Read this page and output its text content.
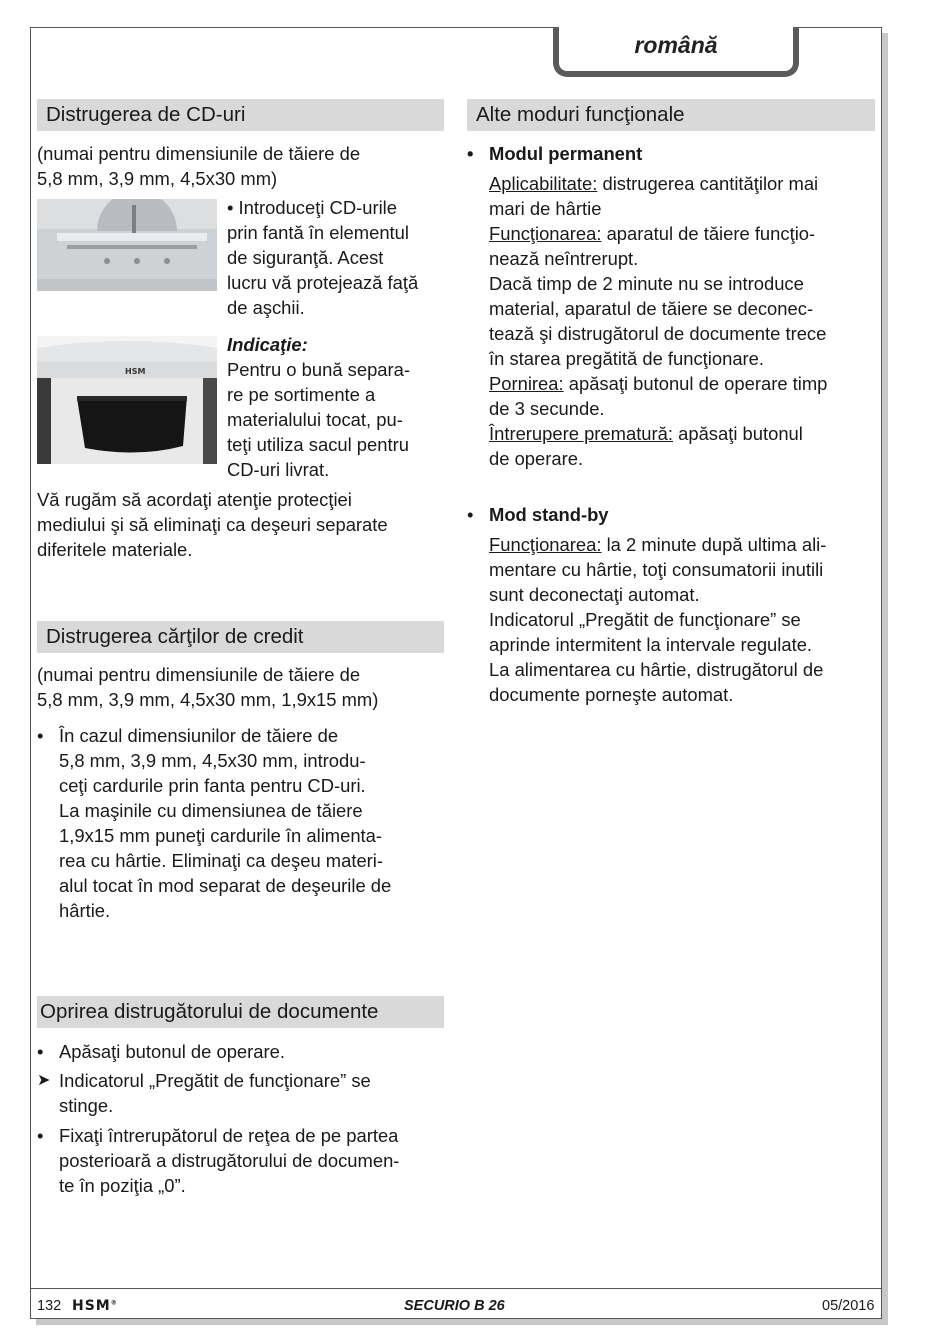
română
Distrugerea de CD-uri
(numai pentru dimensiunile de tăiere de
5,8 mm, 3,9 mm, 4,5x30 mm)
• Introduceţi CD-urile
prin fantă în elementul
de siguranţă. Acest
lucru vă protejează faţă
de aşchii.
HSM
Indicaţie:
Pentru o bună separa-
re pe sortimente a
materialului tocat, pu-
teţi utiliza sacul pentru
CD-uri livrat.
Vă rugăm să acordaţi atenţie protecţiei
mediului şi să eliminaţi ca deşeuri separate
diferitele materiale.
Distrugerea cărţilor de credit
(numai pentru dimensiunile de tăiere de
5,8 mm, 3,9 mm, 4,5x30 mm, 1,9x15 mm)
• În cazul dimensiunilor de tăiere de
5,8 mm, 3,9 mm, 4,5x30 mm, introdu-
ceţi cardurile prin fanta pentru CD-uri.
La maşinile cu dimensiunea de tăiere
1,9x15 mm puneţi cardurile în alimenta-
rea cu hârtie. Eliminaţi ca deşeu materi-
alul tocat în mod separat de deşeurile de
hârtie.
Oprirea distrugătorului de documente
• Apăsaţi butonul de operare.
➤ Indicatorul „Pregătit de funcţionare” se
stinge.
• Fixaţi întrerupătorul de reţea de pe partea
posterioară a distrugătorului de documen-
te în poziţia „0”.
Alte moduri funcţionale
• Modul permanent
Aplicabilitate: distrugerea cantităţilor mai
mari de hârtie
Funcţionarea: aparatul de tăiere funcţio-
nează neîntrerupt.
Dacă timp de 2 minute nu se introduce
material, aparatul de tăiere se deconec-
tează şi distrugătorul de documente trece
în starea pregătită de funcţionare.
Pornirea: apăsaţi butonul de operare timp
de 3 secunde.
Întrerupere prematură: apăsaţi butonul
de operare.
• Mod stand-by
Funcţionarea: la 2 minute după ultima ali-
mentare cu hârtie, toţi consumatorii inutili
sunt deconectaţi automat.
Indicatorul „Pregătit de funcţionare” se
aprinde intermitent la intervale regulate.
La alimentarea cu hârtie, distrugătorul de
documente porneşte automat.
132 HSM®	SECURIO B 26	05/2016
